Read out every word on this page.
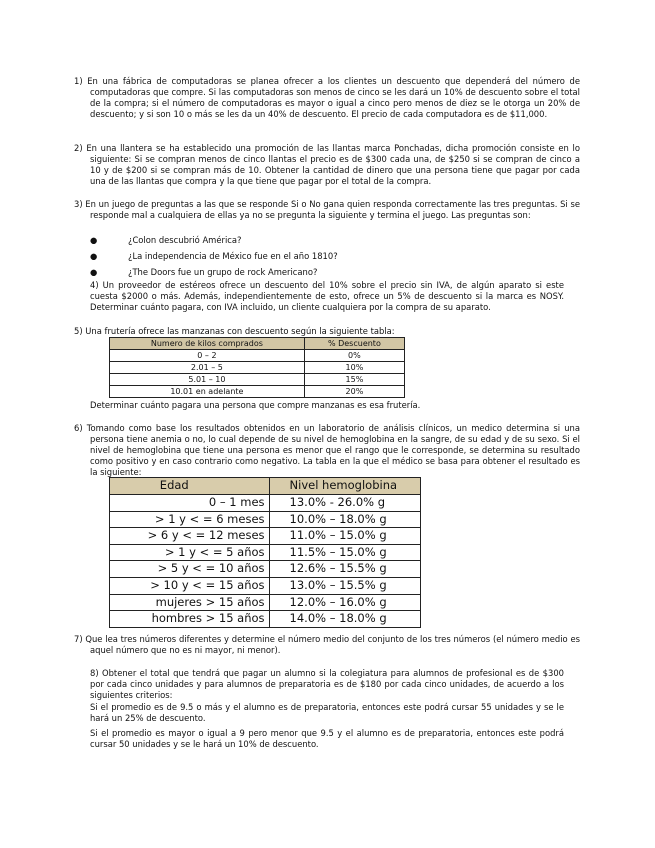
1) En una fábrica de computadoras se planea ofrecer a los clientes un descuento que dependerá del número de computadoras que compre. Si las computadoras son menos de cinco se les dará un 10% de descuento sobre el total de la compra; si el número de computadoras es mayor o igual a cinco pero menos de diez se le otorga un 20% de descuento; y si son 10 o más se les da un 40% de descuento. El precio de cada computadora es de $11,000.

2) En una llantera se ha establecido una promoción de las llantas marca Ponchadas, dicha promoción consiste en lo siguiente: Si se compran menos de cinco llantas el precio es de $300 cada una, de $250 si se compran de cinco a 10 y de $200 si se compran más de 10. Obtener la cantidad de dinero que una persona tiene que pagar por cada una de las llantas que compra y la que tiene que pagar por el total de la compra.

3) En un juego de preguntas a las que se responde Si o No gana quien responda correctamente las tres preguntas. Si se responde mal a cualquiera de ellas ya no se pregunta la siguiente y termina el juego. Las preguntas son:

●	¿Colon descubrió América?
●	¿La independencia de México fue en el año 1810?
●	¿The Doors fue un grupo de rock Americano?

4) Un proveedor de estéreos ofrece un descuento del 10% sobre el precio sin IVA, de algún aparato si este cuesta $2000 o más. Además, independientemente de esto, ofrece un 5% de descuento si la marca es NOSY. Determinar cuánto pagara, con IVA incluido, un cliente cualquiera por la compra de su aparato.

5) Una frutería ofrece las manzanas con descuento según la siguiente tabla:

Numero de kilos comprados	% Descuento
0 – 2	0%
2.01 – 5	10%
5.01 – 10	15%
10.01 en adelante	20%

Determinar cuánto pagara una persona que compre manzanas es esa frutería.

6) Tomando como base los resultados obtenidos en un laboratorio de análisis clínicos, un medico determina si una persona tiene anemia o no, lo cual depende de su nivel de hemoglobina en la sangre, de su edad y de su sexo. Si el nivel de hemoglobina que tiene una persona es menor que el rango que le corresponde, se determina su resultado como positivo y en caso contrario como negativo. La tabla en la que el médico se basa para obtener el resultado es la siguiente:

Edad	Nivel hemoglobina
0 – 1 mes	13.0% - 26.0% g
> 1 y < = 6 meses	10.0% – 18.0% g
> 6 y < = 12 meses	11.0% – 15.0% g
> 1 y < = 5 años	11.5% – 15.0% g
> 5 y < = 10 años	12.6% – 15.5% g
> 10 y < = 15 años	13.0% – 15.5% g
mujeres > 15 años	12.0% – 16.0% g
hombres > 15 años	14.0% – 18.0% g

7) Que lea tres números diferentes y determine el número medio del conjunto de los tres números (el número medio es aquel número que no es ni mayor, ni menor).

8) Obtener el total que tendrá que pagar un alumno si la colegiatura para alumnos de profesional es de $300 por cada cinco unidades y para alumnos de preparatoria es de $180 por cada cinco unidades, de acuerdo a los siguientes criterios:

Si el promedio es de 9.5 o más y el alumno es de preparatoria, entonces este podrá cursar 55 unidades y se le hará un 25% de descuento.

Si el promedio es mayor o igual a 9 pero menor que 9.5 y el alumno es de preparatoria, entonces este podrá cursar 50 unidades y se le hará un 10% de descuento.
